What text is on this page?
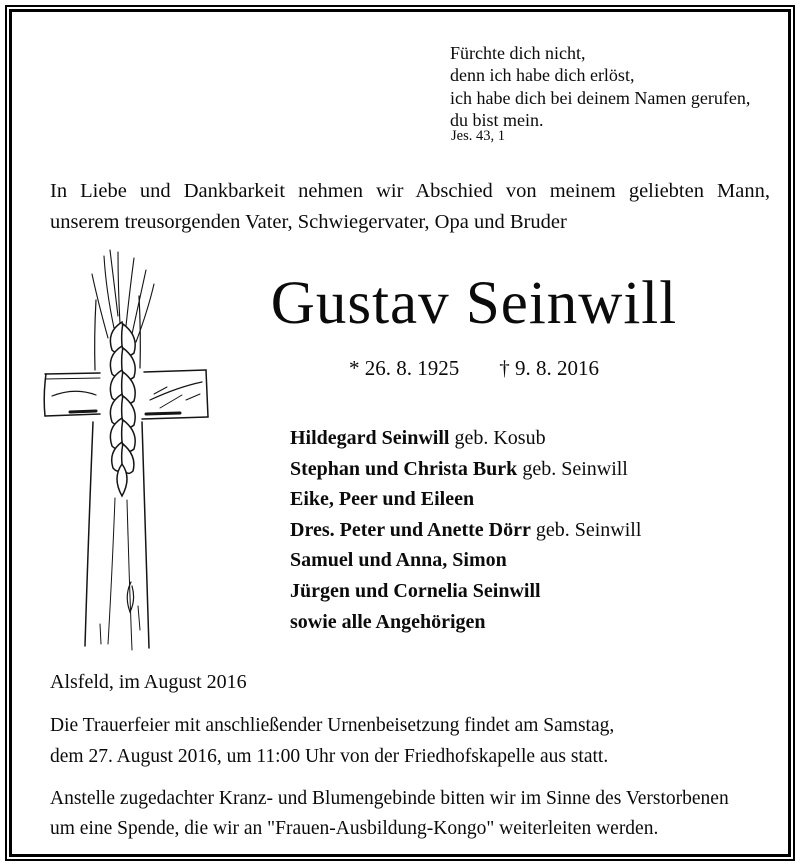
Fürchte dich nicht,
denn ich habe dich erlöst,
ich habe dich bei deinem Namen gerufen,
du bist mein.
Jes. 43, 1
In Liebe und Dankbarkeit nehmen wir Abschied von meinem geliebten Mann,
unserem treusorgenden Vater, Schwiegervater, Opa und Bruder
Gustav Seinwill
* 26. 8. 1925 † 9. 8. 2016
Hildegard Seinwill geb. Kosub
Stephan und Christa Burk geb. Seinwill
Eike, Peer und Eileen
Dres. Peter und Anette Dörr geb. Seinwill
Samuel und Anna, Simon
Jürgen und Cornelia Seinwill
sowie alle Angehörigen
Alsfeld, im August 2016
Die Trauerfeier mit anschließender Urnenbeisetzung findet am Samstag,
dem 27. August 2016, um 11:00 Uhr von der Friedhofskapelle aus statt.
Anstelle zugedachter Kranz- und Blumengebinde bitten wir im Sinne des Verstorbenen
um eine Spende, die wir an "Frauen-Ausbildung-Kongo" weiterleiten werden.
